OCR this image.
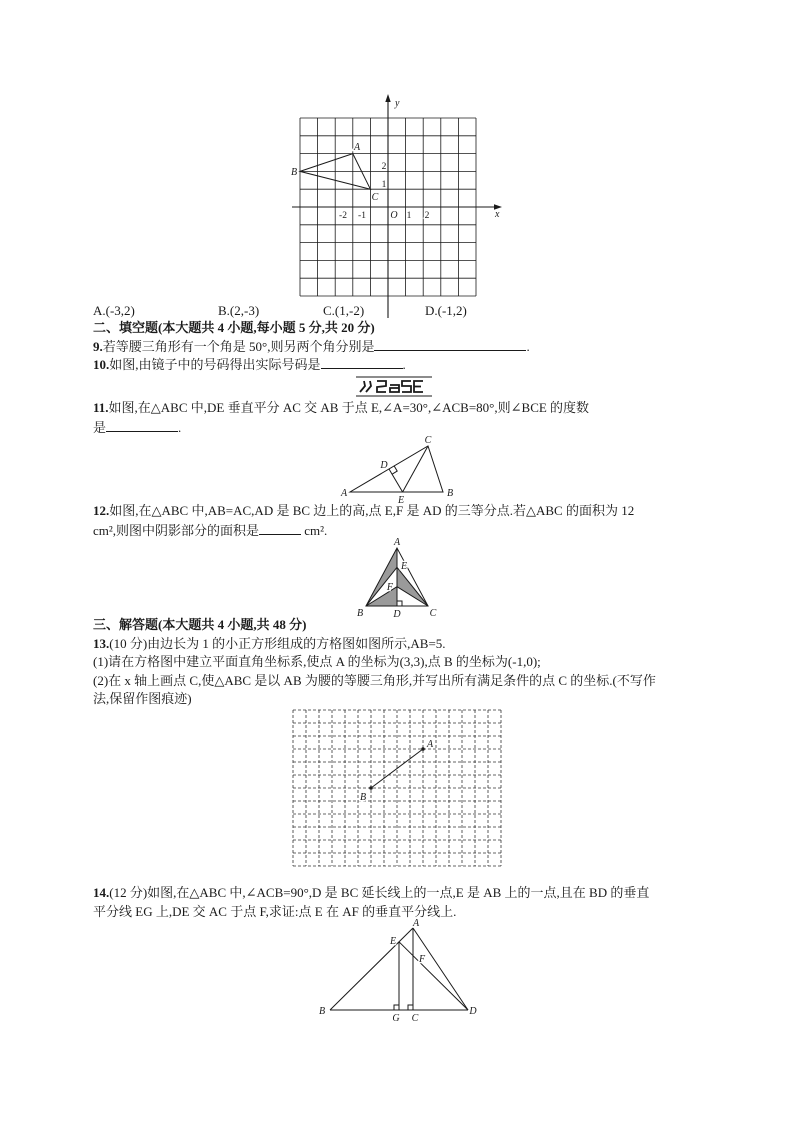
y
x
-2 -1 O 1 2
2
1
A
B
C
A	B
C
D
E
A
E
F
B	D	C
A
B
A
E
F
B
G C
D
A.(-3,2)	B.(2,-3)	C.(1,-2)	D.(-1,2)
二、填空题(本大题共 4 小题,每小题 5 分,共 20 分)
9.若等腰三角形有一个角是 50°,则另两个角分别是	.
10.如图,由镜子中的号码得出实际号码是	.
11.如图,在△ABC 中,DE 垂直平分 AC 交 AB 于点 E,∠A=30°,∠ACB=80°,则∠BCE 的度数
是	.
12.如图,在△ABC 中,AB=AC,AD 是 BC 边上的高,点 E,F 是 AD 的三等分点.若△ABC 的面积为 12
cm²,则图中阴影部分的面积是	cm².
三、解答题(本大题共 4 小题,共 48 分)
13.(10 分)由边长为 1 的小正方形组成的方格图如图所示,AB=5.
(1)请在方格图中建立平面直角坐标系,使点 A 的坐标为(3,3),点 B 的坐标为(-1,0);
(2)在 x 轴上画点 C,使△ABC 是以 AB 为腰的等腰三角形,并写出所有满足条件的点 C 的坐标.(不写作
法,保留作图痕迹)
14.(12 分)如图,在△ABC 中,∠ACB=90°,D 是 BC 延长线上的一点,E 是 AB 上的一点,且在 BD 的垂直
平分线 EG 上,DE 交 AC 于点 F,求证:点 E 在 AF 的垂直平分线上.
